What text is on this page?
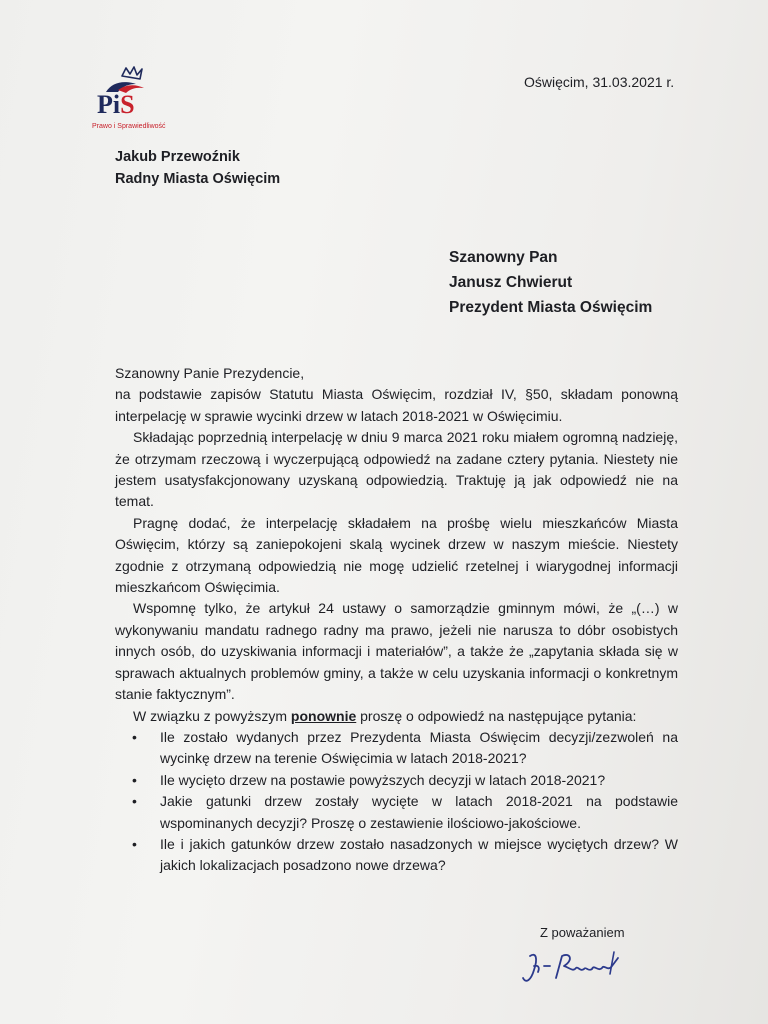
PiS
Prawo i Sprawiedliwość
Oświęcim, 31.03.2021 r.
Jakub Przewoźnik
Radny Miasta Oświęcim
Szanowny Pan
Janusz Chwierut
Prezydent Miasta Oświęcim

Szanowny Panie Prezydencie,

na podstawie zapisów Statutu Miasta Oświęcim, rozdział IV, §50, składam ponowną interpelację w sprawie wycinki drzew w latach 2018-2021 w Oświęcimiu.

Składając poprzednią interpelację w dniu 9 marca 2021 roku miałem ogromną nadzieję, że otrzymam rzeczową i wyczerpującą odpowiedź na zadane cztery pytania. Niestety nie jestem usatysfakcjonowany uzyskaną odpowiedzią. Traktuję ją jak odpowiedź nie na temat.

Pragnę dodać, że interpelację składałem na prośbę wielu mieszkańców Miasta Oświęcim, którzy są zaniepokojeni skalą wycinek drzew w naszym mieście. Niestety zgodnie z otrzymaną odpowiedzią nie mogę udzielić rzetelnej i wiarygodnej informacji mieszkańcom Oświęcimia.

Wspomnę tylko, że artykuł 24 ustawy o samorządzie gminnym mówi, że „(…) w wykonywaniu mandatu radnego radny ma prawo, jeżeli nie narusza to dóbr osobistych innych osób, do uzyskiwania informacji i materiałów”, a także że „zapytania składa się w sprawach aktualnych problemów gminy, a także w celu uzyskania informacji o konkretnym stanie faktycznym”.

W związku z powyższym ponownie proszę o odpowiedź na następujące pytania:

• Ile zostało wydanych przez Prezydenta Miasta Oświęcim decyzji/zezwoleń na wycinkę drzew na terenie Oświęcimia w latach 2018-2021?
• Ile wycięto drzew na postawie powyższych decyzji w latach 2018-2021?
• Jakie gatunki drzew zostały wycięte w latach 2018-2021 na podstawie wspominanych decyzji? Proszę o zestawienie ilościowo-jakościowe.
• Ile i jakich gatunków drzew zostało nasadzonych w miejsce wyciętych drzew? W jakich lokalizacjach posadzono nowe drzewa?
Z poważaniem
